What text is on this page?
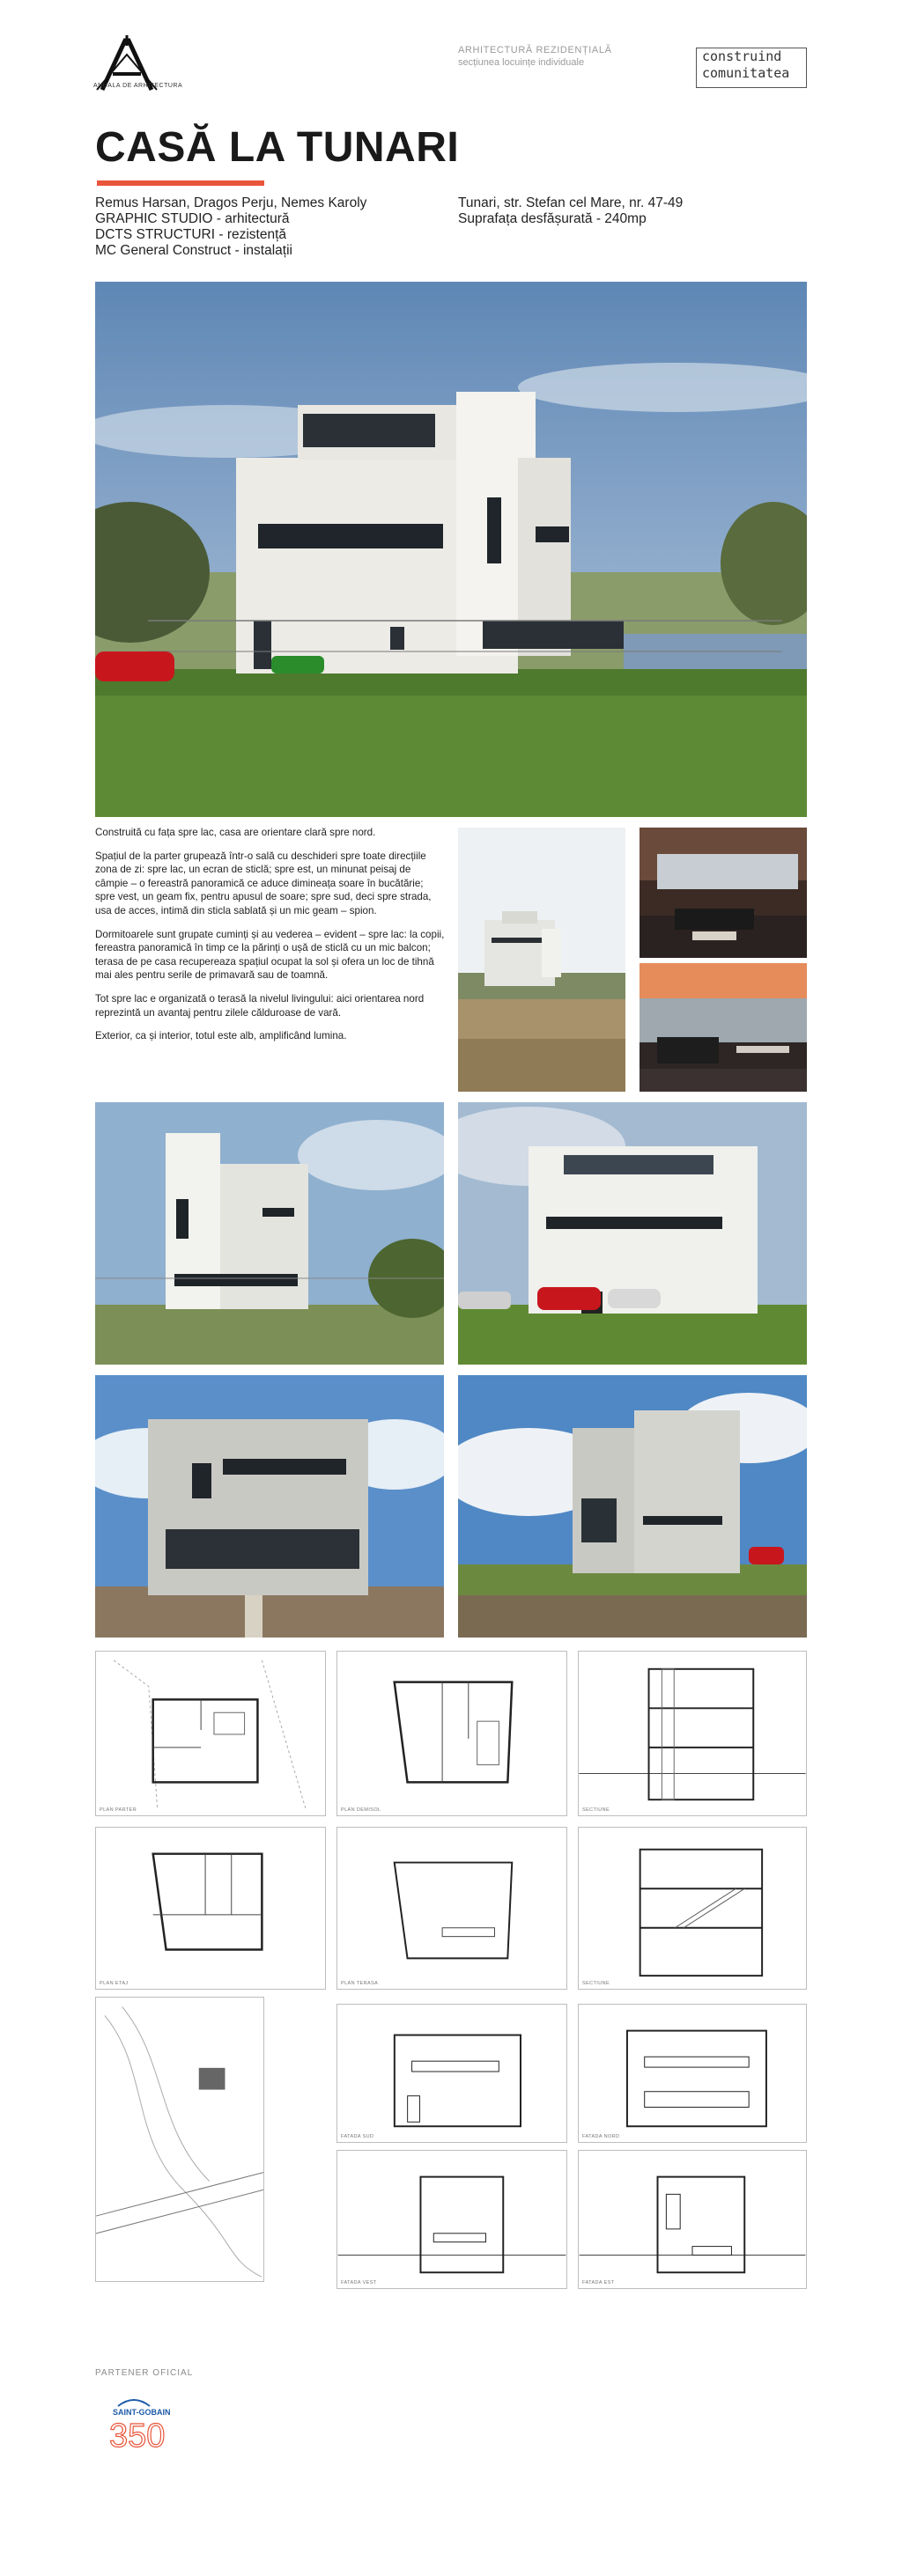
ANUALA DE ARHITECTURA
ARHITECTURĂ REZIDENȚIALĂ
secțiunea locuințe individuale	construind
comunitatea
CASĂ LA TUNARI
Remus Harsan, Dragos Perju, Nemes Karoly
GRAPHIC STUDIO - arhitectură
DCTS STRUCTURI - rezistență
MC General Construct - instalații
Tunari, str. Stefan cel Mare, nr. 47-49
Suprafața desfășurată - 240mp

Construită cu fața spre lac, casa are orientare clară spre nord.

Spațiul de la parter grupează într-o sală cu deschideri spre toate direcțiile zona de zi: spre lac, un ecran de sticlă; spre est, un minunat peisaj de câmpie – o fereastră panoramică ce aduce dimineața soare în bucătărie; spre vest, un geam fix, pentru apusul de soare; spre sud, deci spre strada, usa de acces, intimă din sticla sablată și un mic geam – spion.

Dormitoarele sunt grupate cuminți și au vederea – evident – spre lac: la copii, fereastra panoramică în timp ce la părinți o ușă de sticlă cu un mic balcon; terasa de pe casa recupereaza spațiul ocupat la sol și ofera un loc de tihnă mai ales pentru serile de primavară sau de toamnă.

Tot spre lac e organizată o terasă la nivelul livingului: aici orientarea nord reprezintă un avantaj pentru zilele călduroase de vară.

Exterior, ca și interior, totul este alb, amplificând lumina.

PLAN PARTER	PLAN DEMISOL	SECTIUNE
PLAN ETAJ	PLAN TERASA	SECTIUNE
FATADA SUD	FATADA NORD
FATADA VEST	FATADA EST
PARTENER OFICIAL
SAINT-GOBAIN
350
